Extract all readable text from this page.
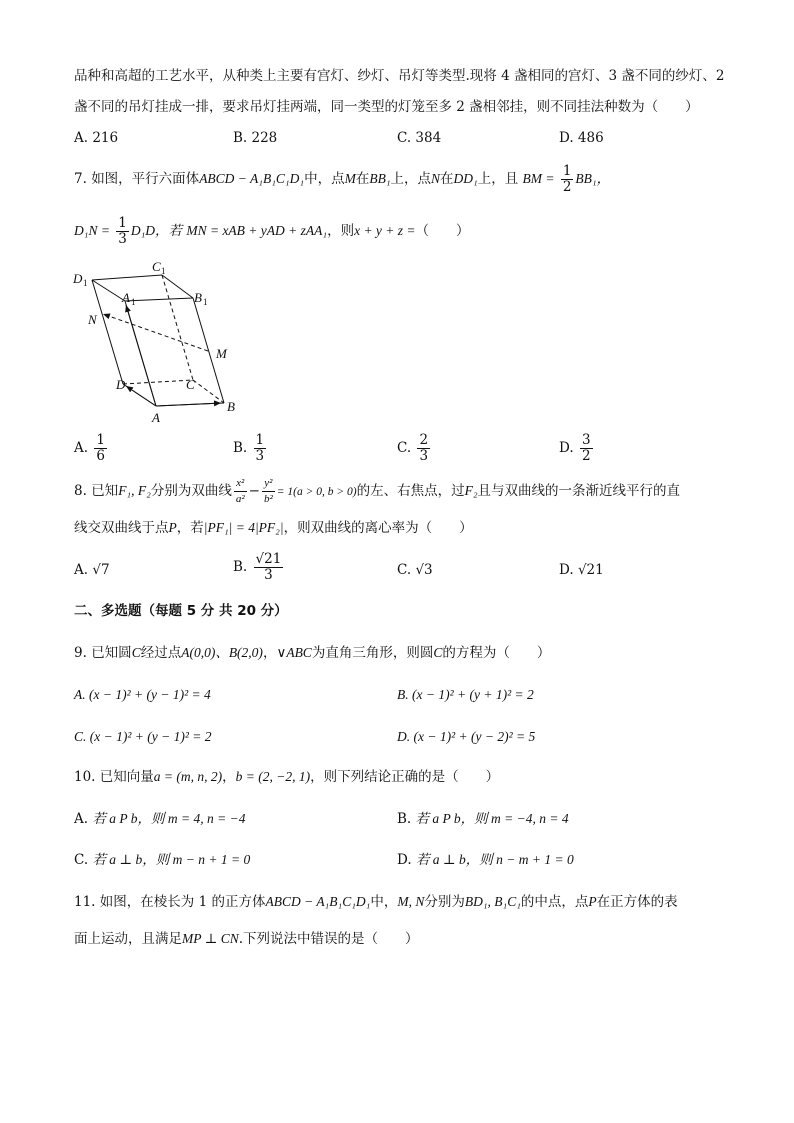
品种和高超的工艺水平，从种类上主要有宫灯、纱灯、吊灯等类型.现将 4 盏相同的宫灯、3 盏不同的纱灯、2
盏不同的吊灯挂成一排，要求吊灯挂两端，同一类型的灯笼至多 2 盏相邻挂，则不同挂法种数为（　　）
A. 216	B. 228	C. 384	D. 486
7. 如图，平行六面体ABCD − A₁B₁C₁D₁中，点M在BB₁上，点N在DD₁上，且 BM = $\frac{1}{2} BB_1$，
$D_1N = \frac{1}{3} D_1D$，若 MN = xAB + yAD + zAA₁，则x + y + z =（　　）
D 1
C 1
A 1	B 1
N
M
D	C
A
B
A. $\frac{1}{6}$	B. $\frac{1}{3}$	C. $\frac{2}{3}$	D. $\frac{3}{2}$
8. 已知F₁, F₂分别为双曲线 $\frac{\text{x²}}{\text{a²}} - \frac{\text{y²}}{\text{b²}} = 1(a > 0$, b > 0)的左、右焦点，过F₂且与双曲线的一条渐近线平行的直
线交双曲线于点P，若|PF₁| = 4|PF₂|，则双曲线的离心率为（　　）
A. √7	B. $\frac{√21}{3}$	C. √3	D. √21
二、多选题（每题 5 分 共 20 分）
9. 已知圆C经过点A(0,0)、B(2,0)，∨ABC为直角三角形，则圆C的方程为（　　）
A. (x − 1)² + (y − 1)² = 4	B. (x − 1)² + (y + 1)² = 2
C. (x − 1)² + (y − 1)² = 2	D. (x − 1)² + (y − 2)² = 5
10. 已知向量a = (m, n, 2)，b = (2, −2, 1)，则下列结论正确的是（　　）
A. 若 a P b，则 m = 4, n = −4	B. 若 a P b，则 m = −4, n = 4
C. 若 a ⊥ b，则 m − n + 1 = 0	D. 若 a ⊥ b，则 n − m + 1 = 0
11. 如图，在棱长为 1 的正方体ABCD − A₁B₁C₁D₁中，M, N分别为BD₁, B₁C₁的中点，点P在正方体的表
面上运动，且满足MP ⊥ CN.下列说法中错误的是（　　）
